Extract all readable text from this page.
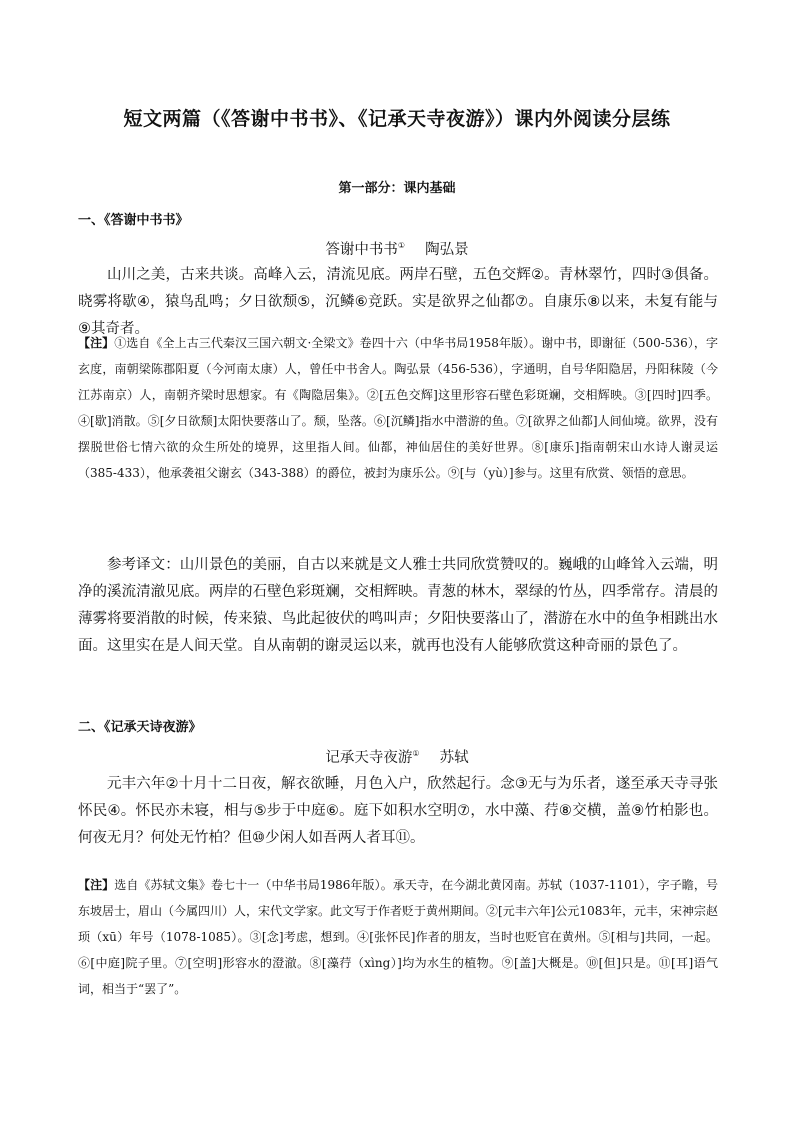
短文两篇（《答谢中书书》、《记承天寺夜游》）课内外阅读分层练
第一部分：课内基础
一、《答谢中书书》
答谢中书书① 陶弘景

山川之美，古来共谈。高峰入云，清流见底。两岸石壁，五色交辉②。青林翠竹，四时③俱备。晓雾将歇④，猿鸟乱鸣；夕日欲颓⑤，沉鳞⑥竞跃。实是欲界之仙都⑦。自康乐⑧以来，未复有能与⑨其奇者。

【注】①选自《全上古三代秦汉三国六朝文·全梁文》卷四十六（中华书局1958年版）。谢中书，即谢征（500-536），字玄度，南朝梁陈郡阳夏（今河南太康）人，曾任中书舍人。陶弘景（456-536），字通明，自号华阳隐居，丹阳秣陵（今江苏南京）人，南朝齐梁时思想家。有《陶隐居集》。②[五色交辉]这里形容石壁色彩斑斓，交相辉映。③[四时]四季。④[歇]消散。⑤[夕日欲颓]太阳快要落山了。颓，坠落。⑥[沉鳞]指水中潜游的鱼。⑦[欲界之仙都]人间仙境。欲界，没有摆脱世俗七情六欲的众生所处的境界，这里指人间。仙都，神仙居住的美好世界。⑧[康乐]指南朝宋山水诗人谢灵运（385-433），他承袭祖父谢玄（343-388）的爵位，被封为康乐公。⑨[与（yù）]参与。这里有欣赏、领悟的意思。

参考译文：山川景色的美丽，自古以来就是文人雅士共同欣赏赞叹的。巍峨的山峰耸入云端，明净的溪流清澈见底。两岸的石壁色彩斑斓，交相辉映。青葱的林木，翠绿的竹丛，四季常存。清晨的薄雾将要消散的时候，传来猿、鸟此起彼伏的鸣叫声；夕阳快要落山了，潜游在水中的鱼争相跳出水面。这里实在是人间天堂。自从南朝的谢灵运以来，就再也没有人能够欣赏这种奇丽的景色了。

二、《记承天诗夜游》
记承天寺夜游① 苏轼

元丰六年②十月十二日夜，解衣欲睡，月色入户，欣然起行。念③无与为乐者，遂至承天寺寻张怀民④。怀民亦未寝，相与⑤步于中庭⑥。庭下如积水空明⑦，水中藻、荇⑧交横，盖⑨竹柏影也。何夜无月？何处无竹柏？但⑩少闲人如吾两人者耳⑪。

【注】选自《苏轼文集》卷七十一（中华书局1986年版）。承天寺，在今湖北黄冈南。苏轼（1037-1101），字子瞻，号东坡居士，眉山（今属四川）人，宋代文学家。此文写于作者贬于黄州期间。②[元丰六年]公元1083年，元丰，宋神宗赵顼（xū）年号（1078-1085）。③[念]考虑，想到。④[张怀民]作者的朋友，当时也贬官在黄州。⑤[相与]共同，一起。⑥[中庭]院子里。⑦[空明]形容水的澄澈。⑧[藻荇（xìng）]均为水生的植物。⑨[盖]大概是。⑩[但]只是。⑪[耳]语气词，相当于“罢了”。
